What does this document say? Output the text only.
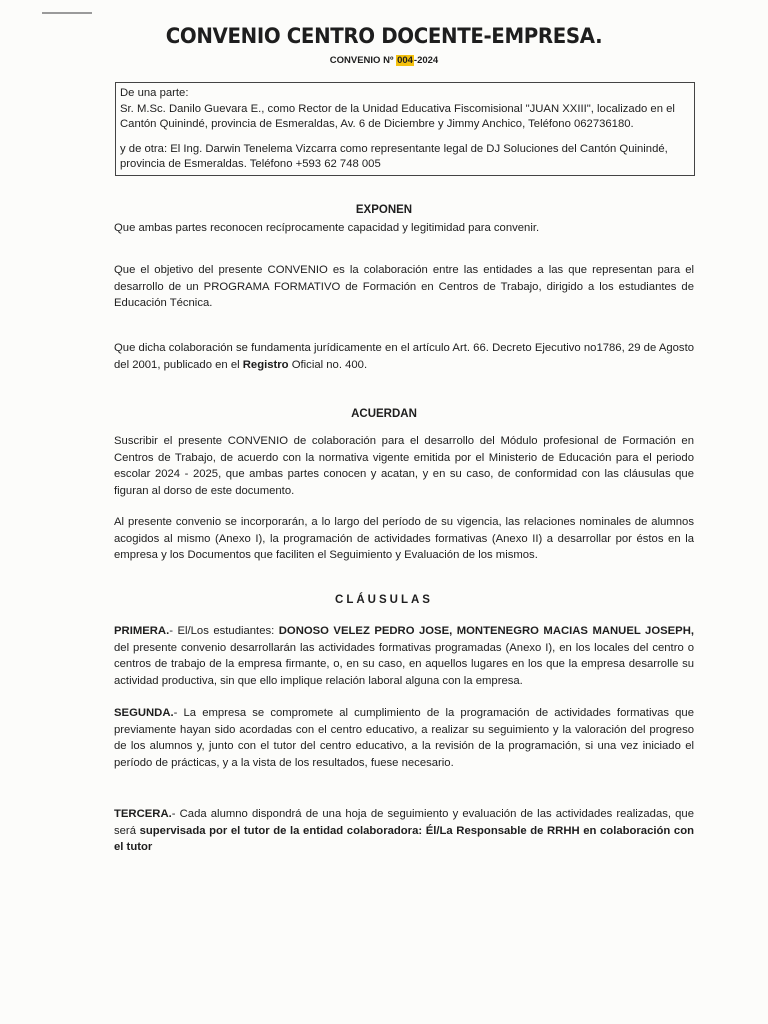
CONVENIO CENTRO DOCENTE-EMPRESA.
CONVENIO Nº 004-2024

De una parte:

Sr. M.Sc. Danilo Guevara E., como Rector de la Unidad Educativa Fiscomisional "JUAN XXIII", localizado en el Cantón Quinindé, provincia de Esmeraldas, Av. 6 de Diciembre y Jimmy Anchico, Teléfono 062736180.

y de otra: El Ing. Darwin Tenelema Vizcarra como representante legal de DJ Soluciones del Cantón Quinindé, provincia de Esmeraldas. Teléfono +593 62 748 005

EXPONEN

Que ambas partes reconocen recíprocamente capacidad y legitimidad para convenir.

Que el objetivo del presente CONVENIO es la colaboración entre las entidades a las que representan para el desarrollo de un PROGRAMA FORMATIVO de Formación en Centros de Trabajo, dirigido a los estudiantes de Educación Técnica.

Que dicha colaboración se fundamenta jurídicamente en el artículo Art. 66. Decreto Ejecutivo no1786, 29 de Agosto del 2001, publicado en el Registro Oficial no. 400.

ACUERDAN

Suscribir el presente CONVENIO de colaboración para el desarrollo del Módulo profesional de Formación en Centros de Trabajo, de acuerdo con la normativa vigente emitida por el Ministerio de Educación para el periodo escolar 2024 - 2025, que ambas partes conocen y acatan, y en su caso, de conformidad con las cláusulas que figuran al dorso de este documento.

Al presente convenio se incorporarán, a lo largo del período de su vigencia, las relaciones nominales de alumnos acogidos al mismo (Anexo I), la programación de actividades formativas (Anexo II) a desarrollar por éstos en la empresa y los Documentos que faciliten el Seguimiento y Evaluación de los mismos.

CLÁUSULAS

PRIMERA.- El/Los estudiantes: DONOSO VELEZ PEDRO JOSE, MONTENEGRO MACIAS MANUEL JOSEPH, del presente convenio desarrollarán las actividades formativas programadas (Anexo I), en los locales del centro o centros de trabajo de la empresa firmante, o, en su caso, en aquellos lugares en los que la empresa desarrolle su actividad productiva, sin que ello implique relación laboral alguna con la empresa.

SEGUNDA.- La empresa se compromete al cumplimiento de la programación de actividades formativas que previamente hayan sido acordadas con el centro educativo, a realizar su seguimiento y la valoración del progreso de los alumnos y, junto con el tutor del centro educativo, a la revisión de la programación, si una vez iniciado el período de prácticas, y a la vista de los resultados, fuese necesario.

TERCERA.- Cada alumno dispondrá de una hoja de seguimiento y evaluación de las actividades realizadas, que será supervisada por el tutor de la entidad colaboradora: Él/La Responsable de RRHH en colaboración con el tutor
